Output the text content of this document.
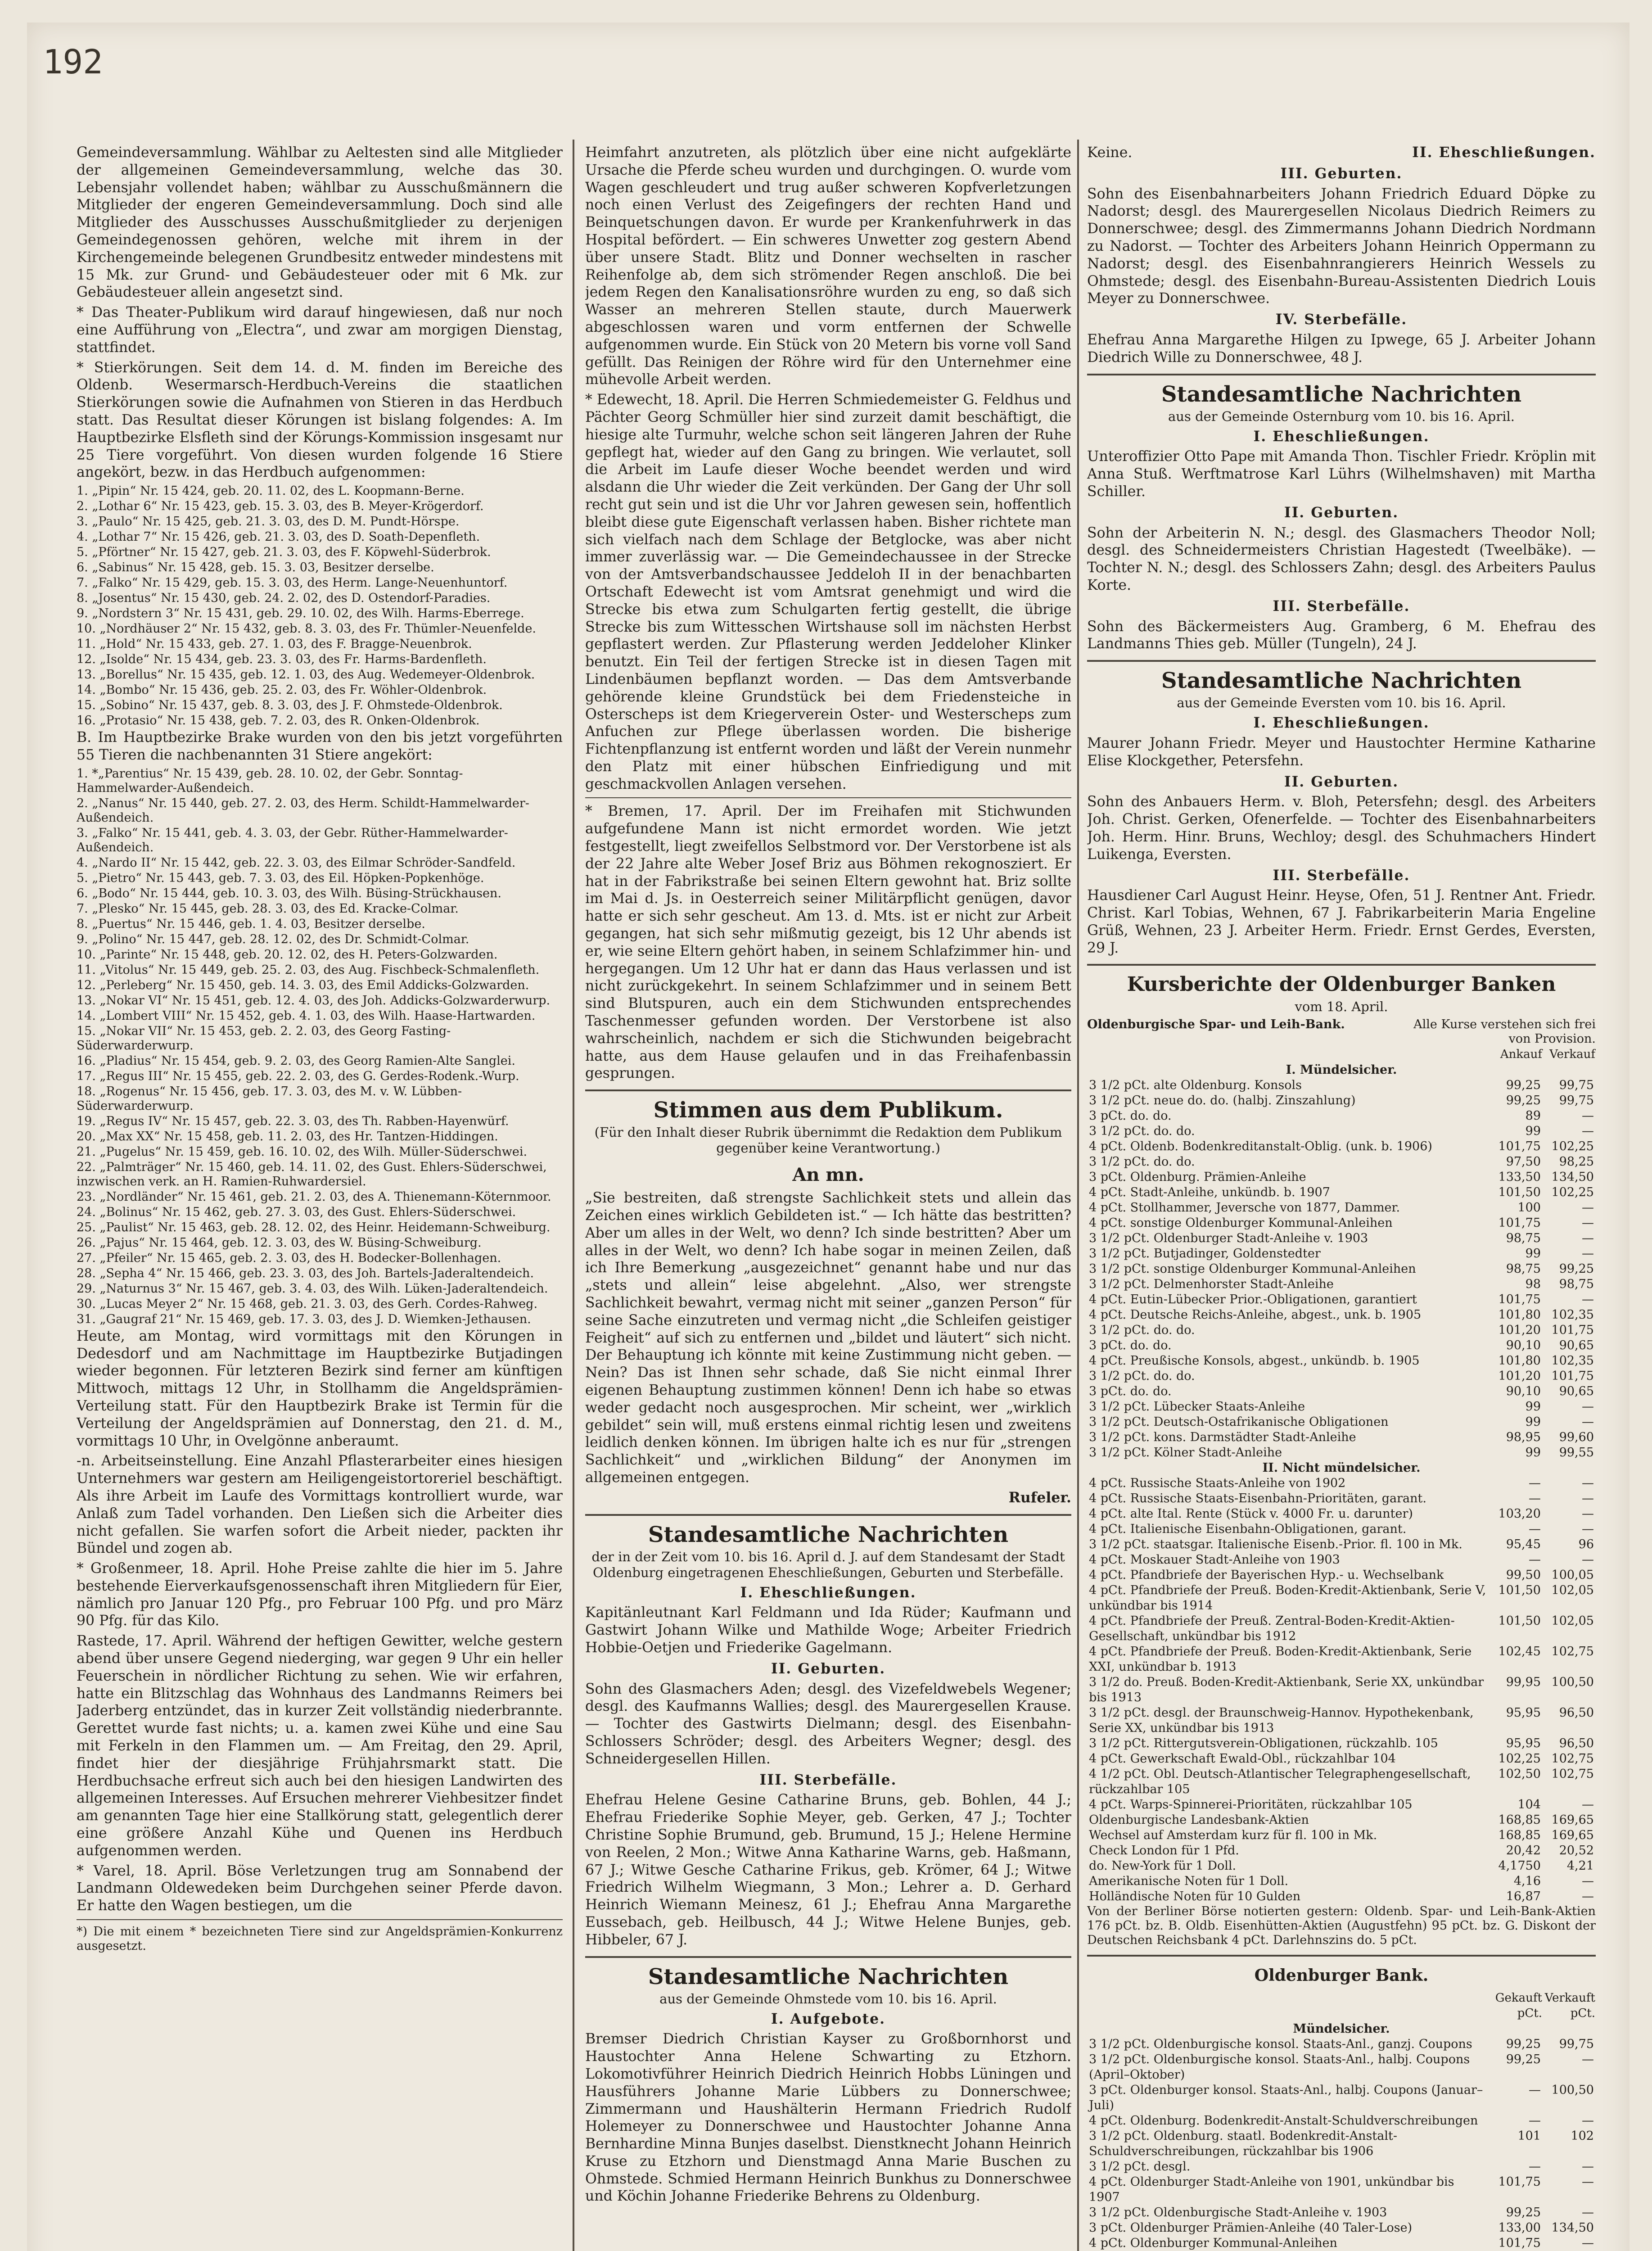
192

Gemeindeversammlung. Wählbar zu Aeltesten sind alle Mitglieder der allgemeinen Gemeindeversammlung, welche das 30. Lebensjahr vollendet haben; wählbar zu Ausschußmännern die Mitglieder der engeren Gemeindeversammlung. Doch sind alle Mitglieder des Ausschusses Ausschußmitglieder zu derjenigen Gemeindegenossen gehören, welche mit ihrem in der Kirchengemeinde belegenen Grundbesitz entweder mindestens mit 15 Mk. zur Grund- und Gebäudesteuer oder mit 6 Mk. zur Gebäudesteuer allein angesetzt sind.

* Das Theater-Publikum wird darauf hingewiesen, daß nur noch eine Aufführung von „Electra“, und zwar am morgigen Dienstag, stattfindet.

* Stierkörungen. Seit dem 14. d. M. finden im Bereiche des Oldenb. Wesermarsch-Herdbuch-Vereins die staatlichen Stierkörungen sowie die Aufnahmen von Stieren in das Herdbuch statt. Das Resultat dieser Körungen ist bislang folgendes: A. Im Hauptbezirke Elsfleth sind der Körungs-Kommission insgesamt nur 25 Tiere vorgeführt. Von diesen wurden folgende 16 Stiere angekört, bezw. in das Herdbuch aufgenommen:

1. „Pipin“ Nr. 15 424, geb. 20. 11. 02, des L. Koopmann-Berne.
2. „Lothar 6“ Nr. 15 423, geb. 15. 3. 03, des B. Meyer-Krögerdorf.
3. „Paulo“ Nr. 15 425, geb. 21. 3. 03, des D. M. Pundt-Hörspe.
4. „Lothar 7“ Nr. 15 426, geb. 21. 3. 03, des D. Soath-Depenfleth.
5. „Pförtner“ Nr. 15 427, geb. 21. 3. 03, des F. Köpwehl-Süderbrok.
6. „Sabinus“ Nr. 15 428, geb. 15. 3. 03, Besitzer derselbe.
7. „Falko“ Nr. 15 429, geb. 15. 3. 03, des Herm. Lange-Neuenhuntorf.
8. „Josentus“ Nr. 15 430, geb. 24. 2. 02, des D. Ostendorf-Paradies.
9. „Nordstern 3“ Nr. 15 431, geb. 29. 10. 02, des Wilh. Harms-Eberrege.
10. „Nordhäuser 2“ Nr. 15 432, geb. 8. 3. 03, des Fr. Thümler-Neuenfelde.
11. „Hold“ Nr. 15 433, geb. 27. 1. 03, des F. Bragge-Neuenbrok.
12. „Isolde“ Nr. 15 434, geb. 23. 3. 03, des Fr. Harms-Bardenfleth.
13. „Borellus“ Nr. 15 435, geb. 12. 1. 03, des Aug. Wedemeyer-Oldenbrok.
14. „Bombo“ Nr. 15 436, geb. 25. 2. 03, des Fr. Wöhler-Oldenbrok.
15. „Sobino“ Nr. 15 437, geb. 8. 3. 03, des J. F. Ohmstede-Oldenbrok.
16. „Protasio“ Nr. 15 438, geb. 7. 2. 03, des R. Onken-Oldenbrok.

B. Im Hauptbezirke Brake wurden von den bis jetzt vorgeführten 55 Tieren die nachbenannten 31 Stiere angekört:

1. *„Parentius“ Nr. 15 439, geb. 28. 10. 02, der Gebr. Sonntag-Hammelwarder-Außendeich.
2. „Nanus“ Nr. 15 440, geb. 27. 2. 03, des Herm. Schildt-Hammelwarder-Außendeich.
3. „Falko“ Nr. 15 441, geb. 4. 3. 03, der Gebr. Rüther-Hammelwarder-Außendeich.
4. „Nardo II“ Nr. 15 442, geb. 22. 3. 03, des Eilmar Schröder-Sandfeld.
5. „Pietro“ Nr. 15 443, geb. 7. 3. 03, des Eil. Höpken-Popkenhöge.
6. „Bodo“ Nr. 15 444, geb. 10. 3. 03, des Wilh. Büsing-Strückhausen.
7. „Plesko“ Nr. 15 445, geb. 28. 3. 03, des Ed. Kracke-Colmar.
8. „Puertus“ Nr. 15 446, geb. 1. 4. 03, Besitzer derselbe.
9. „Polino“ Nr. 15 447, geb. 28. 12. 02, des Dr. Schmidt-Colmar.
10. „Parinte“ Nr. 15 448, geb. 20. 12. 02, des H. Peters-Golzwarden.
11. „Vitolus“ Nr. 15 449, geb. 25. 2. 03, des Aug. Fischbeck-Schmalenfleth.
12. „Perleberg“ Nr. 15 450, geb. 14. 3. 03, des Emil Addicks-Golzwarden.
13. „Nokar VI“ Nr. 15 451, geb. 12. 4. 03, des Joh. Addicks-Golzwarderwurp.
14. „Lombert VIII“ Nr. 15 452, geb. 4. 1. 03, des Wilh. Haase-Hartwarden.
15. „Nokar VII“ Nr. 15 453, geb. 2. 2. 03, des Georg Fasting-Süderwarderwurp.
16. „Pladius“ Nr. 15 454, geb. 9. 2. 03, des Georg Ramien-Alte Sanglei.
17. „Regus III“ Nr. 15 455, geb. 22. 2. 03, des G. Gerdes-Rodenk.-Wurp.
18. „Rogenus“ Nr. 15 456, geb. 17. 3. 03, des M. v. W. Lübben-Süderwarderwurp.
19. „Regus IV“ Nr. 15 457, geb. 22. 3. 03, des Th. Rabben-Hayenwürf.
20. „Max XX“ Nr. 15 458, geb. 11. 2. 03, des Hr. Tantzen-Hiddingen.
21. „Pugelus“ Nr. 15 459, geb. 16. 10. 02, des Wilh. Müller-Süderschwei.
22. „Palmträger“ Nr. 15 460, geb. 14. 11. 02, des Gust. Ehlers-Süderschwei, inzwischen verk. an H. Ramien-Ruhwardersiel.
23. „Nordländer“ Nr. 15 461, geb. 21. 2. 03, des A. Thienemann-Köternmoor.
24. „Bolinus“ Nr. 15 462, geb. 27. 3. 03, des Gust. Ehlers-Süderschwei.
25. „Paulist“ Nr. 15 463, geb. 28. 12. 02, des Heinr. Heidemann-Schweiburg.
26. „Pajus“ Nr. 15 464, geb. 12. 3. 03, des W. Büsing-Schweiburg.
27. „Pfeiler“ Nr. 15 465, geb. 2. 3. 03, des H. Bodecker-Bollenhagen.
28. „Sepha 4“ Nr. 15 466, geb. 23. 3. 03, des Joh. Bartels-Jaderaltendeich.
29. „Naturnus 3“ Nr. 15 467, geb. 3. 4. 03, des Wilh. Lüken-Jaderaltendeich.
30. „Lucas Meyer 2“ Nr. 15 468, geb. 21. 3. 03, des Gerh. Cordes-Rahweg.
31. „Gaugraf 21“ Nr. 15 469, geb. 17. 3. 03, des J. D. Wiemken-Jethausen.

Heute, am Montag, wird vormittags mit den Körungen in Dedesdorf und am Nachmittage im Hauptbezirke Butjadingen wieder begonnen. Für letzteren Bezirk sind ferner am künftigen Mittwoch, mittags 12 Uhr, in Stollhamm die Angeldsprämien-Verteilung statt. Für den Hauptbezirk Brake ist Termin für die Verteilung der Angeldsprämien auf Donnerstag, den 21. d. M., vormittags 10 Uhr, in Ovelgönne anberaumt.

-n. Arbeitseinstellung. Eine Anzahl Pflasterarbeiter eines hiesigen Unternehmers war gestern am Heiligengeistortoreriel beschäftigt. Als ihre Arbeit im Laufe des Vormittags kontrolliert wurde, war Anlaß zum Tadel vorhanden. Den Ließen sich die Arbeiter dies nicht gefallen. Sie warfen sofort die Arbeit nieder, packten ihr Bündel und zogen ab.

* Großenmeer, 18. April. Hohe Preise zahlte die hier im 5. Jahre bestehende Eierverkaufsgenossenschaft ihren Mitgliedern für Eier, nämlich pro Januar 120 Pfg., pro Februar 100 Pfg. und pro März 90 Pfg. für das Kilo.

Rastede, 17. April. Während der heftigen Gewitter, welche gestern abend über unsere Gegend niederging, war gegen 9 Uhr ein heller Feuerschein in nördlicher Richtung zu sehen. Wie wir erfahren, hatte ein Blitzschlag das Wohnhaus des Landmanns Reimers bei Jaderberg entzündet, das in kurzer Zeit vollständig niederbrannte. Gerettet wurde fast nichts; u. a. kamen zwei Kühe und eine Sau mit Ferkeln in den Flammen um. — Am Freitag, den 29. April, findet hier der diesjährige Frühjahrsmarkt statt. Die Herdbuchsache erfreut sich auch bei den hiesigen Landwirten des allgemeinen Interesses. Auf Ersuchen mehrerer Viehbesitzer findet am genannten Tage hier eine Stallkörung statt, gelegentlich derer eine größere Anzahl Kühe und Quenen ins Herdbuch aufgenommen werden.

* Varel, 18. April. Böse Verletzungen trug am Sonnabend der Landmann Oldewedeken beim Durchgehen seiner Pferde davon. Er hatte den Wagen bestiegen, um die

*) Die mit einem * bezeichneten Tiere sind zur Angeldsprämien-Konkurrenz ausgesetzt.

Heimfahrt anzutreten, als plötzlich über eine nicht aufgeklärte Ursache die Pferde scheu wurden und durchgingen. O. wurde vom Wagen geschleudert und trug außer schweren Kopfverletzungen noch einen Verlust des Zeigefingers der rechten Hand und Beinquetschungen davon. Er wurde per Krankenfuhrwerk in das Hospital befördert. — Ein schweres Unwetter zog gestern Abend über unsere Stadt. Blitz und Donner wechselten in rascher Reihenfolge ab, dem sich strömender Regen anschloß. Die bei jedem Regen den Kanalisationsröhre wurden zu eng, so daß sich Wasser an mehreren Stellen staute, durch Mauerwerk abgeschlossen waren und vorm entfernen der Schwelle aufgenommen wurde. Ein Stück von 20 Metern bis vorne voll Sand gefüllt. Das Reinigen der Röhre wird für den Unternehmer eine mühevolle Arbeit werden.

* Edewecht, 18. April. Die Herren Schmiedemeister G. Feldhus und Pächter Georg Schmüller hier sind zurzeit damit beschäftigt, die hiesige alte Turmuhr, welche schon seit längeren Jahren der Ruhe gepflegt hat, wieder auf den Gang zu bringen. Wie verlautet, soll die Arbeit im Laufe dieser Woche beendet werden und wird alsdann die Uhr wieder die Zeit verkünden. Der Gang der Uhr soll recht gut sein und ist die Uhr vor Jahren gewesen sein, hoffentlich bleibt diese gute Eigenschaft verlassen haben. Bisher richtete man sich vielfach nach dem Schlage der Betglocke, was aber nicht immer zuverlässig war. — Die Gemeindechaussee in der Strecke von der Amtsverbandschaussee Jeddeloh II in der benachbarten Ortschaft Edewecht ist vom Amtsrat genehmigt und wird die Strecke bis etwa zum Schulgarten fertig gestellt, die übrige Strecke bis zum Wittesschen Wirtshause soll im nächsten Herbst gepflastert werden. Zur Pflasterung werden Jeddeloher Klinker benutzt. Ein Teil der fertigen Strecke ist in diesen Tagen mit Lindenbäumen bepflanzt worden. — Das dem Amtsverbande gehörende kleine Grundstück bei dem Friedensteiche in Osterscheps ist dem Kriegerverein Oster- und Westerscheps zum Anfuchen zur Pflege überlassen worden. Die bisherige Fichtenpflanzung ist entfernt worden und läßt der Verein nunmehr den Platz mit einer hübschen Einfriedigung und mit geschmackvollen Anlagen versehen.

* Bremen, 17. April. Der im Freihafen mit Stichwunden aufgefundene Mann ist nicht ermordet worden. Wie jetzt festgestellt, liegt zweifellos Selbstmord vor. Der Verstorbene ist als der 22 Jahre alte Weber Josef Briz aus Böhmen rekognosziert. Er hat in der Fabrikstraße bei seinen Eltern gewohnt hat. Briz sollte im Mai d. Js. in Oesterreich seiner Militärpflicht genügen, davor hatte er sich sehr gescheut. Am 13. d. Mts. ist er nicht zur Arbeit gegangen, hat sich sehr mißmutig gezeigt, bis 12 Uhr abends ist er, wie seine Eltern gehört haben, in seinem Schlafzimmer hin- und hergegangen. Um 12 Uhr hat er dann das Haus verlassen und ist nicht zurückgekehrt. In seinem Schlafzimmer und in seinem Bett sind Blutspuren, auch ein dem Stichwunden entsprechendes Taschenmesser gefunden worden. Der Verstorbene ist also wahrscheinlich, nachdem er sich die Stichwunden beigebracht hatte, aus dem Hause gelaufen und in das Freihafenbassin gesprungen.

Stimmen aus dem Publikum.
(Für den Inhalt dieser Rubrik übernimmt die Redaktion dem Publikum gegenüber keine Verantwortung.)
An mn.

„Sie bestreiten, daß strengste Sachlichkeit stets und allein das Zeichen eines wirklich Gebildeten ist.“ — Ich hätte das bestritten? Aber um alles in der Welt, wo denn? Ich sinde bestritten? Aber um alles in der Welt, wo denn? Ich habe sogar in meinen Zeilen, daß ich Ihre Bemerkung „ausgezeichnet“ genannt habe und nur das „stets und allein“ leise abgelehnt. „Also, wer strengste Sachlichkeit bewahrt, vermag nicht mit seiner „ganzen Person“ für seine Sache einzutreten und vermag nicht „die Schleifen geistiger Feigheit“ auf sich zu entfernen und „bildet und läutert“ sich nicht. Der Behauptung ich könnte mit keine Zustimmung nicht geben. — Nein? Das ist Ihnen sehr schade, daß Sie nicht einmal Ihrer eigenen Behauptung zustimmen können! Denn ich habe so etwas weder gedacht noch ausgesprochen. Mir scheint, wer „wirklich gebildet“ sein will, muß erstens einmal richtig lesen und zweitens leidlich denken können. Im übrigen halte ich es nur für „strengen Sachlichkeit“ und „wirklichen Bildung“ der Anonymen im allgemeinen entgegen.

Rufeler.

Standesamtliche Nachrichten

der in der Zeit vom 10. bis 16. April d. J. auf dem Standesamt der Stadt Oldenburg eingetragenen Eheschließungen, Geburten und Sterbefälle.

I. Eheschließungen.

Kapitänleutnant Karl Feldmann und Ida Rüder; Kaufmann und Gastwirt Johann Wilke und Mathilde Woge; Arbeiter Friedrich Hobbie-Oetjen und Friederike Gagelmann.

II. Geburten.

Sohn des Glasmachers Aden; desgl. des Vizefeldwebels Wegener; desgl. des Kaufmanns Wallies; desgl. des Maurergesellen Krause. — Tochter des Gastwirts Dielmann; desgl. des Eisenbahn-Schlossers Schröder; desgl. des Arbeiters Wegner; desgl. des Schneidergesellen Hillen.

III. Sterbefälle.

Ehefrau Helene Gesine Catharine Bruns, geb. Bohlen, 44 J.; Ehefrau Friederike Sophie Meyer, geb. Gerken, 47 J.; Tochter Christine Sophie Brumund, geb. Brumund, 15 J.; Helene Hermine von Reelen, 2 Mon.; Witwe Anna Katharine Warns, geb. Haßmann, 67 J.; Witwe Gesche Catharine Frikus, geb. Krömer, 64 J.; Witwe Friedrich Wilhelm Wiegmann, 3 Mon.; Lehrer a. D. Gerhard Heinrich Wiemann Meinesz, 61 J.; Ehefrau Anna Margarethe Eussebach, geb. Heilbusch, 44 J.; Witwe Helene Bunjes, geb. Hibbeler, 67 J.

Standesamtliche Nachrichten

aus der Gemeinde Ohmstede vom 10. bis 16. April.

I. Aufgebote.

Bremser Diedrich Christian Kayser zu Großbornhorst und Haustochter Anna Helene Schwarting zu Etzhorn. Lokomotivführer Heinrich Diedrich Heinrich Hobbs Lüningen und Hausführers Johanne Marie Lübbers zu Donnerschwee; Zimmermann und Haushälterin Hermann Friedrich Rudolf Holemeyer zu Donnerschwee und Haustochter Johanne Anna Bernhardine Minna Bunjes daselbst. Dienstknecht Johann Heinrich Kruse zu Etzhorn und Dienstmagd Anna Marie Buschen zu Ohmstede. Schmied Hermann Heinrich Bunkhus zu Donnerschwee und Köchin Johanne Friederike Behrens zu Oldenburg.

Keine.	II. Eheschließungen.
III. Geburten.

Sohn des Eisenbahnarbeiters Johann Friedrich Eduard Döpke zu Nadorst; desgl. des Maurergesellen Nicolaus Diedrich Reimers zu Donnerschwee; desgl. des Zimmermanns Johann Diedrich Nordmann zu Nadorst. — Tochter des Arbeiters Johann Heinrich Oppermann zu Nadorst; desgl. des Eisenbahnrangierers Heinrich Wessels zu Ohmstede; desgl. des Eisenbahn-Bureau-Assistenten Diedrich Louis Meyer zu Donnerschwee.

IV. Sterbefälle.

Ehefrau Anna Margarethe Hilgen zu Ipwege, 65 J. Arbeiter Johann Diedrich Wille zu Donnerschwee, 48 J.

Standesamtliche Nachrichten

aus der Gemeinde Osternburg vom 10. bis 16. April.

I. Eheschließungen.

Unteroffizier Otto Pape mit Amanda Thon. Tischler Friedr. Kröplin mit Anna Stuß. Werftmatrose Karl Lührs (Wilhelmshaven) mit Martha Schiller.

II. Geburten.

Sohn der Arbeiterin N. N.; desgl. des Glasmachers Theodor Noll; desgl. des Schneidermeisters Christian Hagestedt (Tweelbäke). — Tochter N. N.; desgl. des Schlossers Zahn; desgl. des Arbeiters Paulus Korte.

III. Sterbefälle.

Sohn des Bäckermeisters Aug. Gramberg, 6 M. Ehefrau des Landmanns Thies geb. Müller (Tungeln), 24 J.

Standesamtliche Nachrichten

aus der Gemeinde Eversten vom 10. bis 16. April.

I. Eheschließungen.

Maurer Johann Friedr. Meyer und Haustochter Hermine Katharine Elise Klockgether, Petersfehn.

II. Geburten.

Sohn des Anbauers Herm. v. Bloh, Petersfehn; desgl. des Arbeiters Joh. Christ. Gerken, Ofenerfelde. — Tochter des Eisenbahnarbeiters Joh. Herm. Hinr. Bruns, Wechloy; desgl. des Schuhmachers Hindert Luikenga, Eversten.

III. Sterbefälle.

Hausdiener Carl August Heinr. Heyse, Ofen, 51 J. Rentner Ant. Friedr. Christ. Karl Tobias, Wehnen, 67 J. Fabrikarbeiterin Maria Engeline Grüß, Wehnen, 23 J. Arbeiter Herm. Friedr. Ernst Gerdes, Eversten, 29 J.

Kursberichte der Oldenburger Banken
vom 18. April.
Oldenburgische Spar- und Leih-Bank.	Alle Kurse verstehen sich frei von Provision.
	Ankauf	Verkauf
I. Mündelsicher.		
3 1/2 pCt. alte Oldenburg. Konsols	99,25	99,75
3 1/2 pCt. neue do. do. (halbj. Zinszahlung)	99,25	99,75
3 pCt. do. do.	89	—
3 1/2 pCt. do. do.	99	—
4 pCt. Oldenb. Bodenkreditanstalt-Oblig. (unk. b. 1906)	101,75	102,25
3 1/2 pCt. do. do.	97,50	98,25
3 pCt. Oldenburg. Prämien-Anleihe	133,50	134,50
4 pCt. Stadt-Anleihe, unkündb. b. 1907	101,50	102,25
4 pCt. Stollhammer, Jeversche von 1877, Dammer.	100	—
4 pCt. sonstige Oldenburger Kommunal-Anleihen	101,75	—
3 1/2 pCt. Oldenburger Stadt-Anleihe v. 1903	98,75	—
3 1/2 pCt. Butjadinger, Goldenstedter	99	—
3 1/2 pCt. sonstige Oldenburger Kommunal-Anleihen	98,75	99,25
3 1/2 pCt. Delmenhorster Stadt-Anleihe	98	98,75
4 pCt. Eutin-Lübecker Prior.-Obligationen, garantiert	101,75	—
4 pCt. Deutsche Reichs-Anleihe, abgest., unk. b. 1905	101,80	102,35
3 1/2 pCt. do. do.	101,20	101,75
3 pCt. do. do.	90,10	90,65
4 pCt. Preußische Konsols, abgest., unkündb. b. 1905	101,80	102,35
3 1/2 pCt. do. do.	101,20	101,75
3 pCt. do. do.	90,10	90,65
3 1/2 pCt. Lübecker Staats-Anleihe	99	—
3 1/2 pCt. Deutsch-Ostafrikanische Obligationen	99	—
3 1/2 pCt. kons. Darmstädter Stadt-Anleihe	98,95	99,60
3 1/2 pCt. Kölner Stadt-Anleihe	99	99,55
II. Nicht mündelsicher.		
4 pCt. Russische Staats-Anleihe von 1902	—	—
4 pCt. Russische Staats-Eisenbahn-Prioritäten, garant.	—	—
4 pCt. alte Ital. Rente (Stück v. 4000 Fr. u. darunter)	103,20	—
4 pCt. Italienische Eisenbahn-Obligationen, garant.	—	—
3 1/2 pCt. staatsgar. Italienische Eisenb.-Prior. fl. 100 in Mk.	95,45	96
4 pCt. Moskauer Stadt-Anleihe von 1903	—	—
4 pCt. Pfandbriefe der Bayerischen Hyp.- u. Wechselbank	99,50	100,05
4 pCt. Pfandbriefe der Preuß. Boden-Kredit-Aktienbank, Serie V, unkündbar bis 1914	101,50	102,05
4 pCt. Pfandbriefe der Preuß. Zentral-Boden-Kredit-Aktien-Gesellschaft, unkündbar bis 1912	101,50	102,05
4 pCt. Pfandbriefe der Preuß. Boden-Kredit-Aktienbank, Serie XXI, unkündbar b. 1913	102,45	102,75
3 1/2 do. Preuß. Boden-Kredit-Aktienbank, Serie XX, unkündbar bis 1913	99,95	100,50
3 1/2 pCt. desgl. der Braunschweig-Hannov. Hypothekenbank, Serie XX, unkündbar bis 1913	95,95	96,50
3 1/2 pCt. Rittergutsverein-Obligationen, rückzahlb. 105	95,95	96,50
4 pCt. Gewerkschaft Ewald-Obl., rückzahlbar 104	102,25	102,75
4 1/2 pCt. Obl. Deutsch-Atlantischer Telegraphengesellschaft, rückzahlbar 105	102,50	102,75
4 pCt. Warps-Spinnerei-Prioritäten, rückzahlbar 105	104	—
Oldenburgische Landesbank-Aktien	168,85	169,65
Wechsel auf Amsterdam kurz für fl. 100 in Mk.	168,85	169,65
Check London für 1 Pfd.	20,42	20,52
do. New-York für 1 Doll.	4,1750	4,21
Amerikanische Noten für 1 Doll.	4,16	—
Holländische Noten für 10 Gulden	16,87	—

Von der Berliner Börse notierten gestern: Oldenb. Spar- und Leih-Bank-Aktien 176 pCt. bz. B. Oldb. Eisenhütten-Aktien (Augustfehn) 95 pCt. bz. G. Diskont der Deutschen Reichsbank 4 pCt. Darlehnszins do. 5 pCt.

Oldenburger Bank.
	Gekauft pCt.	Verkauft pCt.
Mündelsicher.		
3 1/2 pCt. Oldenburgische konsol. Staats-Anl., ganzj. Coupons	99,25	99,75
3 1/2 pCt. Oldenburgische konsol. Staats-Anl., halbj. Coupons (April–Oktober)	99,25	—
3 pCt. Oldenburger konsol. Staats-Anl., halbj. Coupons (Januar–Juli)	—	100,50
4 pCt. Oldenburg. Bodenkredit-Anstalt-Schuldverschreibungen	—	—
3 1/2 pCt. Oldenburg. staatl. Bodenkredit-Anstalt-Schuldverschreibungen, rückzahlbar bis 1906	101	102
3 1/2 pCt. desgl.	—	—
4 pCt. Oldenburger Stadt-Anleihe von 1901, unkündbar bis 1907	101,75	—
3 1/2 pCt. Oldenburgische Stadt-Anleihe v. 1903	99,25	—
3 pCt. Oldenburger Prämien-Anleihe (40 Taler-Lose)	133,00	134,50
4 pCt. Oldenburger Kommunal-Anleihen	101,75	—
